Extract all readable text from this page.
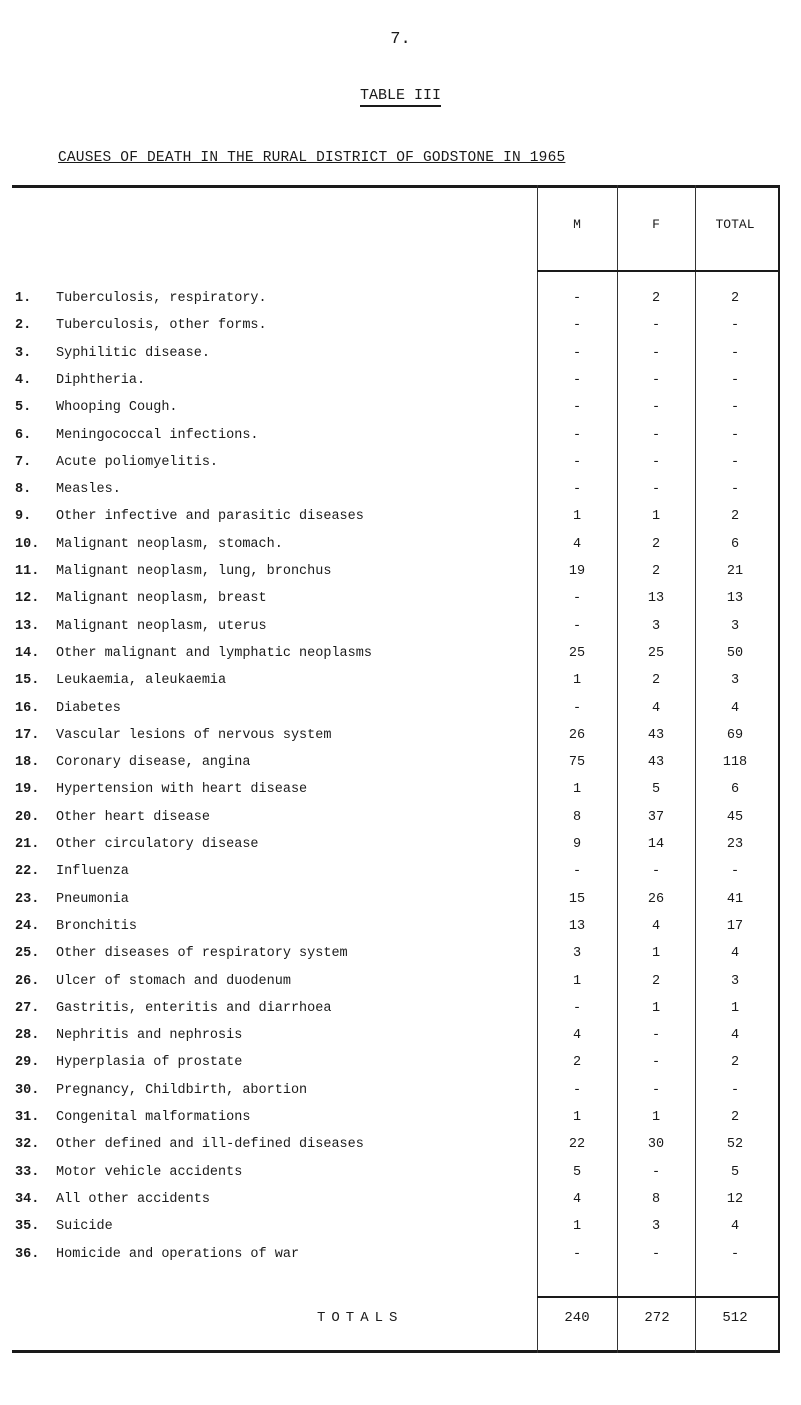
7.
TABLE III
CAUSES OF DEATH IN THE RURAL DISTRICT OF GODSTONE IN 1965
M	F	TOTAL
1. Tuberculosis, respiratory.	-	2	2
2. Tuberculosis, other forms.	-	-	-
3. Syphilitic disease.	-	-	-
4. Diphtheria.	-	-	-
5. Whooping Cough.	-	-	-
6. Meningococcal infections.	-	-	-
7. Acute poliomyelitis.	-	-	-
8. Measles.	-	-	-
9. Other infective and parasitic diseases	1	1	2
10. Malignant neoplasm, stomach.	4	2	6
11. Malignant neoplasm, lung, bronchus	19	2	21
12. Malignant neoplasm, breast	-	13	13
13. Malignant neoplasm, uterus	-	3	3
14. Other malignant and lymphatic neoplasms	25	25	50
15. Leukaemia, aleukaemia	1	2	3
16. Diabetes	-	4	4
17. Vascular lesions of nervous system	26	43	69
18. Coronary disease, angina	75	43	118
19. Hypertension with heart disease	1	5	6
20. Other heart disease	8	37	45
21. Other circulatory disease	9	14	23
22. Influenza	-	-	-
23. Pneumonia	15	26	41
24. Bronchitis	13	4	17
25. Other diseases of respiratory system	3	1	4
26. Ulcer of stomach and duodenum	1	2	3
27. Gastritis, enteritis and diarrhoea	-	1	1
28. Nephritis and nephrosis	4	-	4
29. Hyperplasia of prostate	2	-	2
30. Pregnancy, Childbirth, abortion	-	-	-
31. Congenital malformations	1	1	2
32. Other defined and ill-defined diseases	22	30	52
33. Motor vehicle accidents	5	-	5
34. All other accidents	4	8	12
35. Suicide	1	3	4
36. Homicide and operations of war	-	-	-
TOTALS	240	272	512
